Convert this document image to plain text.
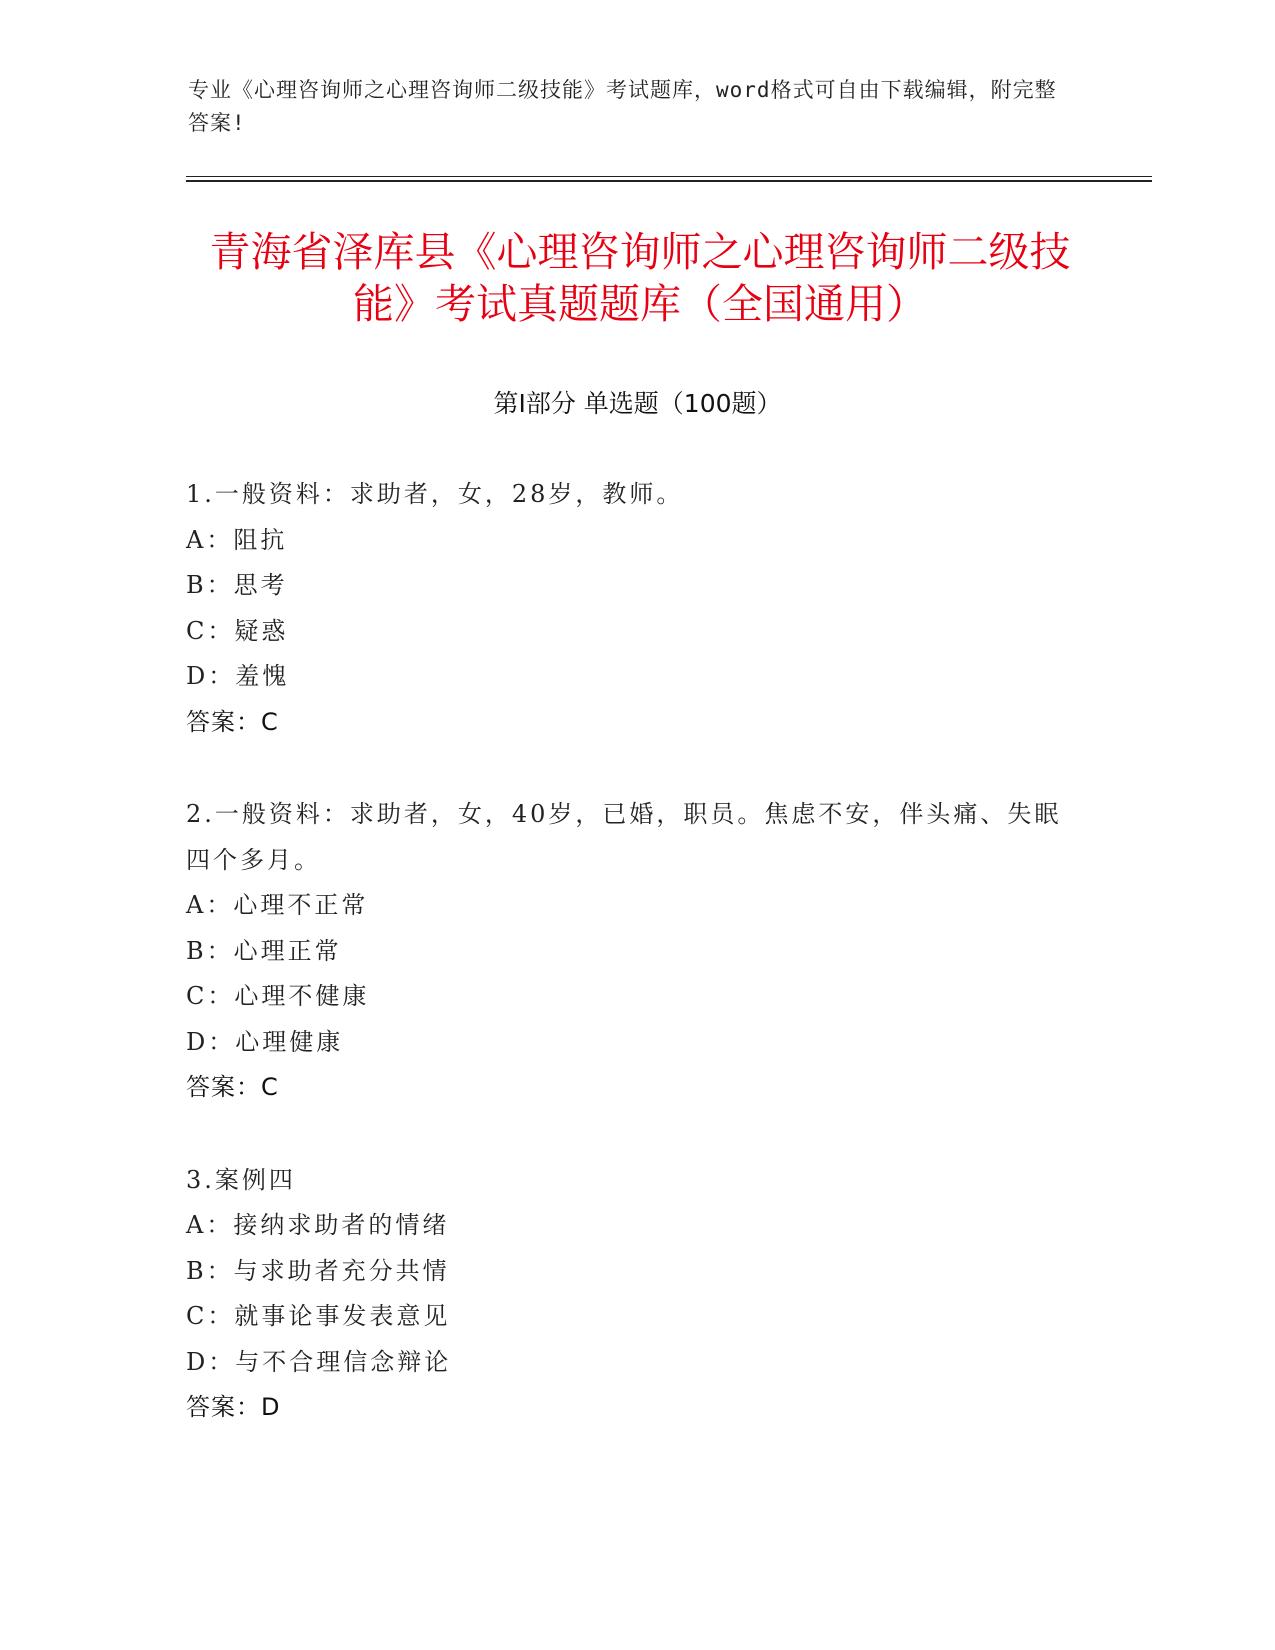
专业《心理咨询师之心理咨询师二级技能》考试题库，word格式可自由下载编辑，附完整答案!
青海省泽库县《心理咨询师之心理咨询师二级技能》考试真题题库（全国通用）
第Ⅰ部分 单选题（100题）
1.一般资料：求助者，女，28岁，教师。
A：阻抗
B：思考
C：疑惑
D：羞愧
答案：C
2.一般资料：求助者，女，40岁，已婚，职员。焦虑不安，伴头痛、失眠四个多月。
A：心理不正常
B：心理正常
C：心理不健康
D：心理健康
答案：C
3.案例四
A：接纳求助者的情绪
B：与求助者充分共情
C：就事论事发表意见
D：与不合理信念辩论
答案：D
